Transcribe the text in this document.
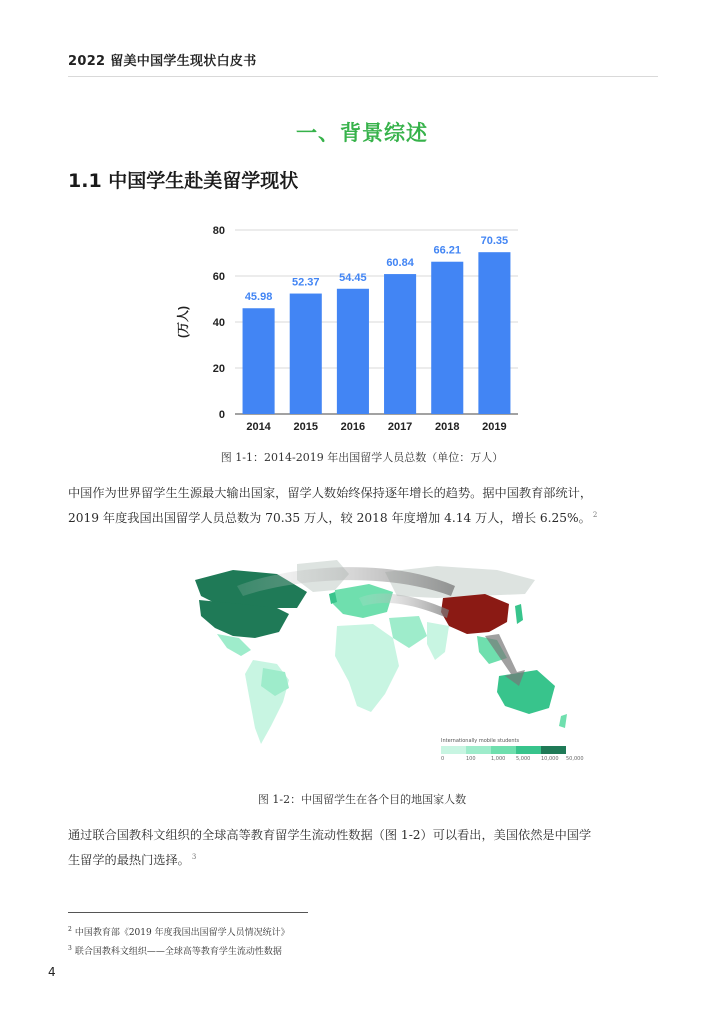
2022 留美中国学生现状白皮书
一、背景综述
1.1 中国学生赴美留学现状
0
20
40
60
80
45.98
2014
52.37
2015
54.45
2016
60.84
2017
66.21
2018
70.35
2019
(万人)
图 1-1：2014-2019 年出国留学人员总数（单位：万人）
中国作为世界留学生生源最大输出国家，留学人数始终保持逐年增长的趋势。据中国教育部统计，
2019 年度我国出国留学人员总数为 70.35 万人，较 2018 年度增加 4.14 万人，增长 6.25%。 $^2$
Internationally mobile students
0	100	1,000	5,000	10,000	50,000
图 1-2：中国留学生在各个目的地国家人数
通过联合国教科文组织的全球高等教育留学生流动性数据（图 1-2）可以看出，美国依然是中国学
生留学的最热门选择。 $^3$
$^2$ 中国教育部《2019 年度我国出国留学人员情况统计》
$^3$ 联合国教科文组织——全球高等教育学生流动性数据
4
